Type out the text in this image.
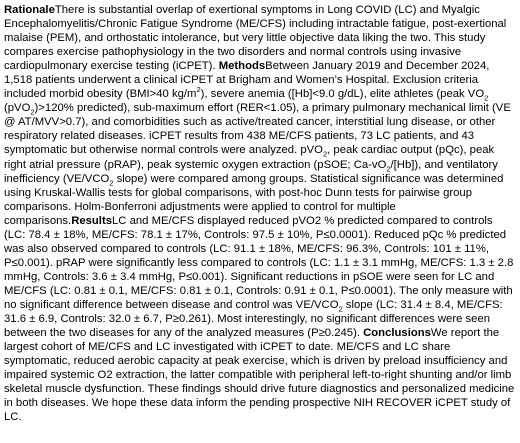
RationaleThere is substantial overlap of exertional symptoms in Long COVID (LC) and Myalgic Encephalomyelitis/Chronic Fatigue Syndrome (ME/CFS) including intractable fatigue, post-exertional malaise (PEM), and orthostatic intolerance, but very little objective data liking the two. This study compares exercise pathophysiology in the two disorders and normal controls using invasive cardiopulmonary exercise testing (iCPET). MethodsBetween January 2019 and December 2024, 1,518 patients underwent a clinical iCPET at Brigham and Women’s Hospital. Exclusion criteria included morbid obesity (BMI>40 $kg/m^2$), severe anemia ([Hb]<9.0 g/dL), elite athletes (peak $VO_2$ (pVO$_2$)>120% predicted), sub-maximum effort (RER<1.05), a primary pulmonary mechanical limit (VE @ AT/MVV>0.7), and comorbidities such as active/treated cancer, interstitial lung disease, or other respiratory related diseases. iCPET results from 438 ME/CFS patients, 73 LC patients, and 43 symptomatic but otherwise normal controls were analyzed. pVO$_2$, peak cardiac output (pQc), peak right atrial pressure (pRAP), peak systemic oxygen extraction (pSOE; $Ca-vO_2/[Hb]$), and ventilatory inefficiency ($VE/VCO_2$ slope) were compared among groups. Statistical significance was determined using Kruskal-Wallis tests for global comparisons, with post-hoc Dunn tests for pairwise group comparisons. Holm-Bonferroni adjustments were applied to control for multiple comparisons.ResultsLC and ME/CFS displayed reduced pVO2 % predicted compared to controls (LC: 78.4 ± 18%, ME/CFS: 78.1 ± 17%, Controls: 97.5 ± 10%, P≤0.0001). Reduced pQc % predicted was also observed compared to controls (LC: 91.1 ± 18%, ME/CFS: 96.3%, Controls: 101 ± 11%, P≤0.001). pRAP were significantly less compared to controls (LC: 1.1 ± 3.1 mmHg, ME/CFS: 1.3 ± 2.8 mmHg, Controls: 3.6 ± 3.4 mmHg, P≤0.001). Significant reductions in pSOE were seen for LC and ME/CFS (LC: 0.81 ± 0.1, ME/CFS: 0.81 ± 0.1, Controls: 0.91 ± 0.1, P≤0.0001). The only measure with no significant difference between disease and control was $VE/VCO_2$ slope (LC: 31.4 ± 8.4, ME/CFS: 31.6 ± 6.9, Controls: 32.0 ± 6.7, P≥0.261). Most interestingly, no significant differences were seen between the two diseases for any of the analyzed measures (P≥0.245). ConclusionsWe report the largest cohort of ME/CFS and LC investigated with iCPET to date. ME/CFS and LC share symptomatic, reduced aerobic capacity at peak exercise, which is driven by preload insufficiency and impaired systemic O2 extraction, the latter compatible with peripheral left-to-right shunting and/or limb skeletal muscle dysfunction. These findings should drive future diagnostics and personalized medicine in both diseases. We hope these data inform the pending prospective NIH RECOVER iCPET study of LC.
